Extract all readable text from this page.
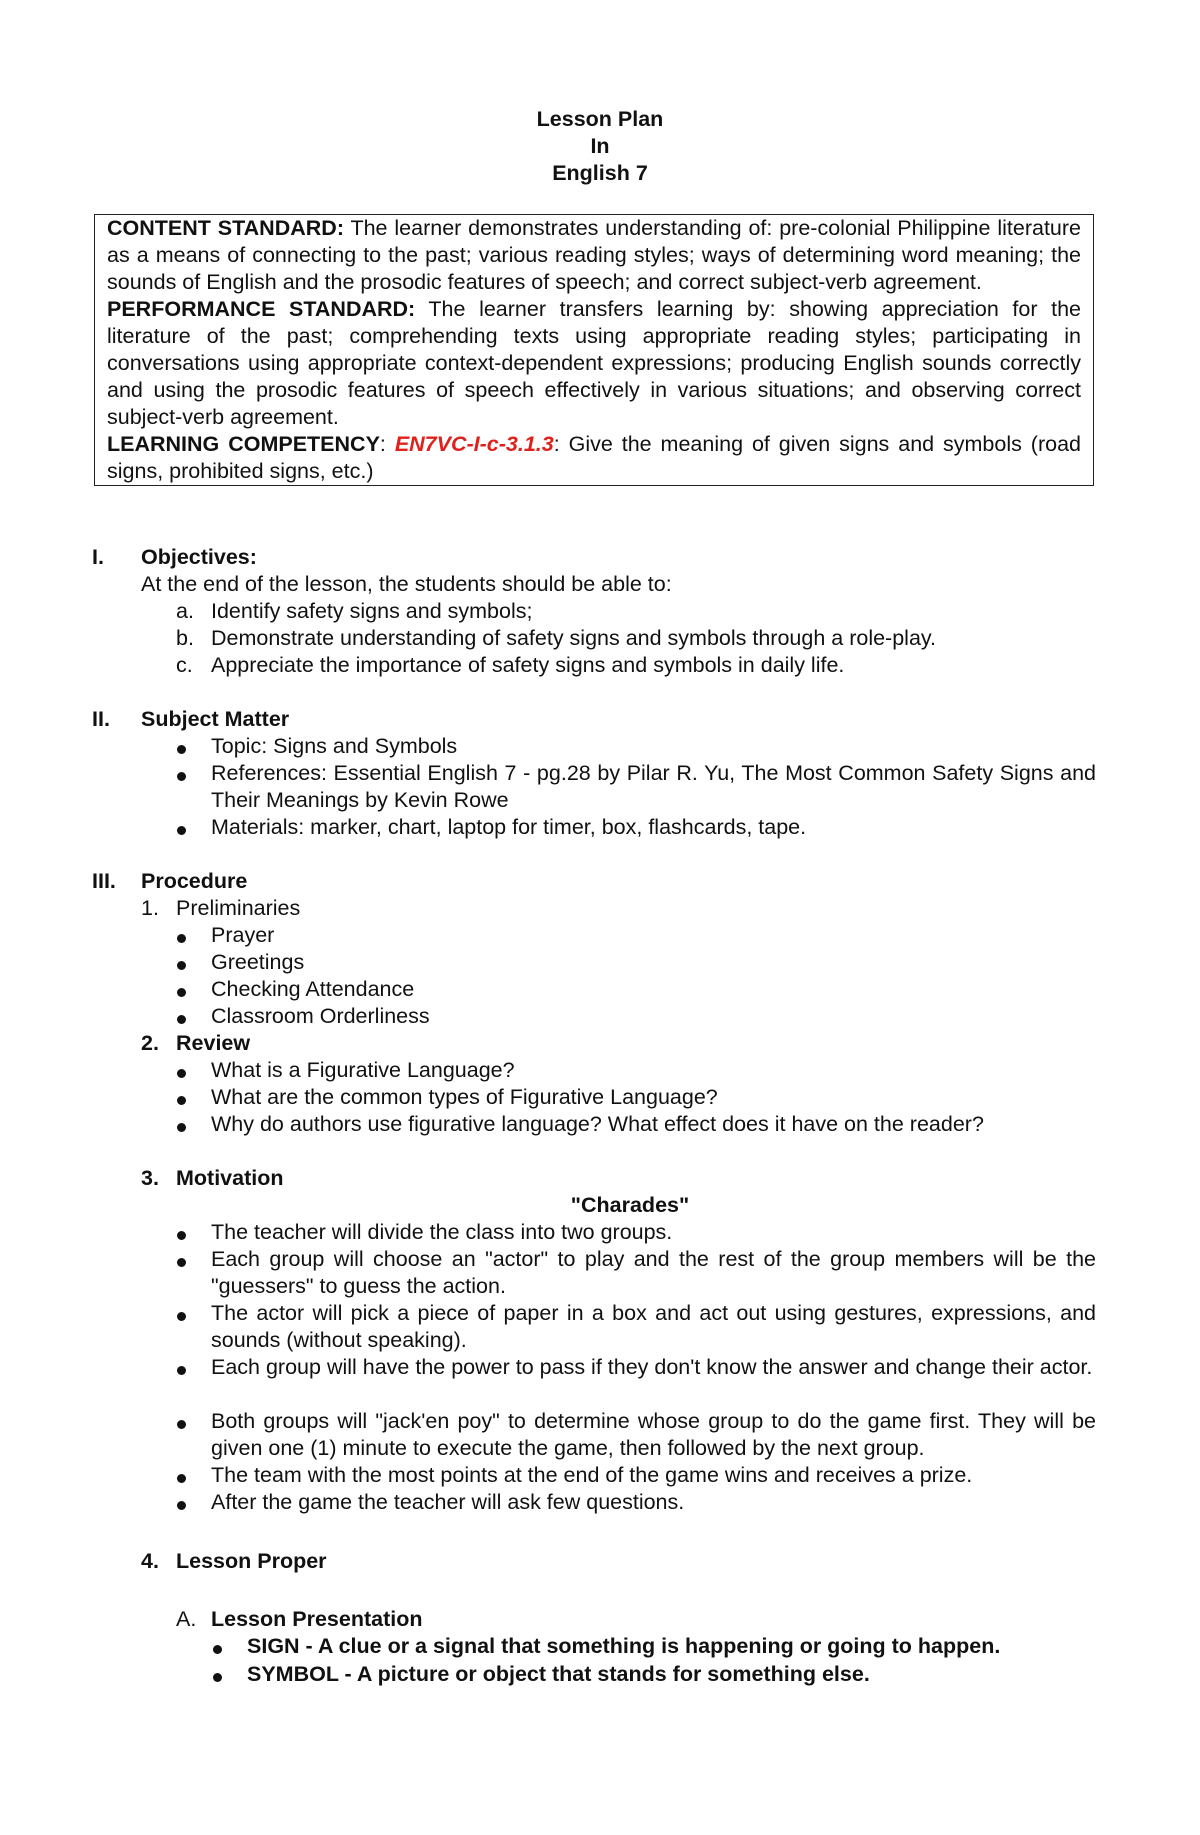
Lesson Plan
In
English 7

CONTENT STANDARD: The learner demonstrates understanding of: pre-colonial Philippine literature as a means of connecting to the past; various reading styles; ways of determining word meaning; the sounds of English and the prosodic features of speech; and correct subject-verb agreement.

PERFORMANCE STANDARD: The learner transfers learning by: showing appreciation for the literature of the past; comprehending texts using appropriate reading styles; participating in conversations using appropriate context-dependent expressions; producing English sounds correctly and using the prosodic features of speech effectively in various situations; and observing correct subject-verb agreement.

LEARNING COMPETENCY: EN7VC-I-c-3.1.3: Give the meaning of given signs and symbols (road signs, prohibited signs, etc.)

I. Objectives:
At the end of the lesson, the students should be able to:
a. Identify safety signs and symbols;
b. Demonstrate understanding of safety signs and symbols through a role-play.
c. Appreciate the importance of safety signs and symbols in daily life.
II. Subject Matter
Topic: Signs and Symbols
References: Essential English 7 - pg.28 by Pilar R. Yu, The Most Common Safety Signs and Their Meanings by Kevin Rowe
Materials: marker, chart, laptop for timer, box, flashcards, tape.
III. Procedure
1. Preliminaries
Prayer
Greetings
Checking Attendance
Classroom Orderliness
2. Review
What is a Figurative Language?
What are the common types of Figurative Language?
Why do authors use figurative language? What effect does it have on the reader?
3. Motivation
"Charades"
The teacher will divide the class into two groups.
Each group will choose an "actor" to play and the rest of the group members will be the "guessers" to guess the action.
The actor will pick a piece of paper in a box and act out using gestures, expressions, and sounds (without speaking).
Each group will have the power to pass if they don't know the answer and change their actor.
Both groups will "jack'en poy" to determine whose group to do the game first. They will be given one (1) minute to execute the game, then followed by the next group.
The team with the most points at the end of the game wins and receives a prize.
After the game the teacher will ask few questions.
4. Lesson Proper
A. Lesson Presentation
SIGN - A clue or a signal that something is happening or going to happen.
SYMBOL - A picture or object that stands for something else.
